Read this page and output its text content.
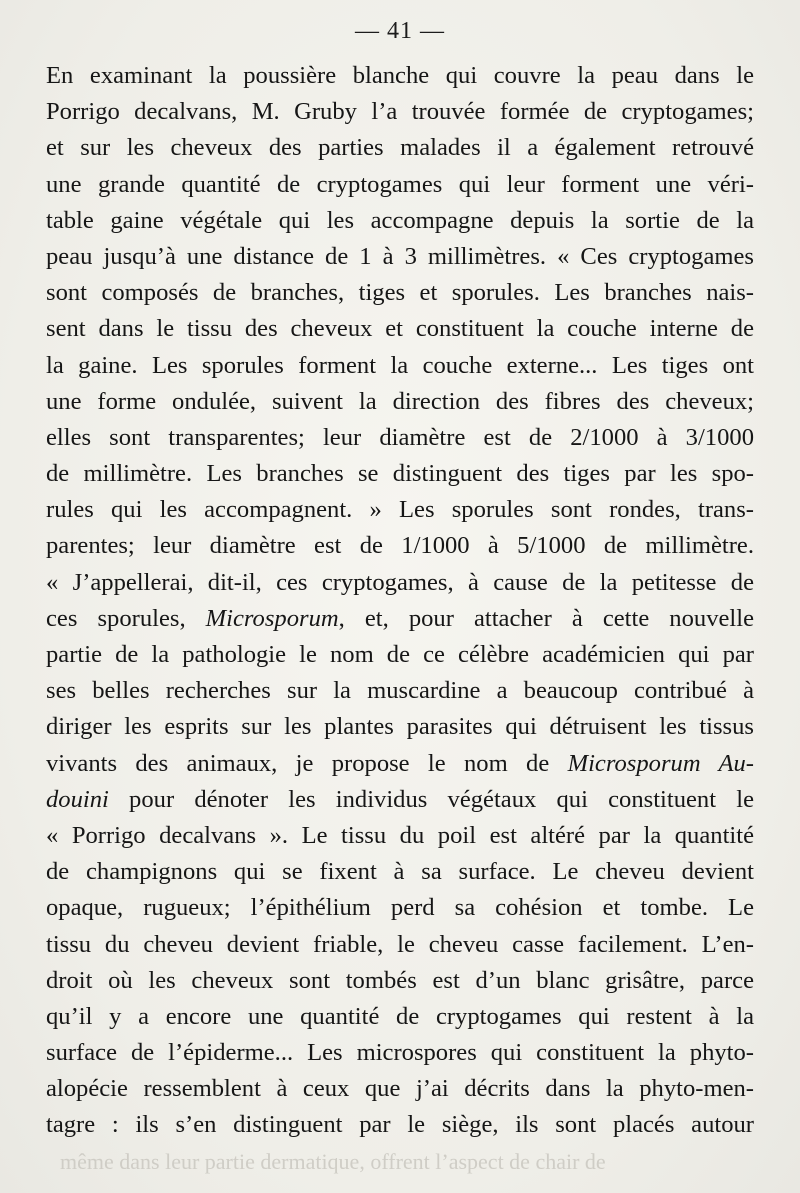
— 41 —
En examinant la poussière blanche qui couvre la peau dans le
Porrigo decalvans, M. Gruby l’a trouvée formée de cryptogames;
et sur les cheveux des parties malades il a également retrouvé
une grande quantité de cryptogames qui leur forment une véri-
table gaine végétale qui les accompagne depuis la sortie de la
peau jusqu’à une distance de 1 à 3 millimètres. « Ces cryptogames
sont composés de branches, tiges et sporules. Les branches nais-
sent dans le tissu des cheveux et constituent la couche interne de
la gaine. Les sporules forment la couche externe... Les tiges ont
une forme ondulée, suivent la direction des fibres des cheveux;
elles sont transparentes; leur diamètre est de 2/1000 à 3/1000
de millimètre. Les branches se distinguent des tiges par les spo-
rules qui les accompagnent. » Les sporules sont rondes, trans-
parentes; leur diamètre est de 1/1000 à 5/1000 de millimètre.
« J’appellerai, dit-il, ces cryptogames, à cause de la petitesse de
ces sporules, Microsporum, et, pour attacher à cette nouvelle
partie de la pathologie le nom de ce célèbre académicien qui par
ses belles recherches sur la muscardine a beaucoup contribué à
diriger les esprits sur les plantes parasites qui détruisent les tissus
vivants des animaux, je propose le nom de Microsporum Au-
douini pour dénoter les individus végétaux qui constituent le
« Porrigo decalvans ». Le tissu du poil est altéré par la quantité
de champignons qui se fixent à sa surface. Le cheveu devient
opaque, rugueux; l’épithélium perd sa cohésion et tombe. Le
tissu du cheveu devient friable, le cheveu casse facilement. L’en-
droit où les cheveux sont tombés est d’un blanc grisâtre, parce
qu’il y a encore une quantité de cryptogames qui restent à la
surface de l’épiderme... Les microspores qui constituent la phyto-
alopécie ressemblent à ceux que j’ai décrits dans la phyto-men-
tagre : ils s’en distinguent par le siège, ils sont placés autour
même dans leur partie dermatique, offrent l’aspect de chair de
